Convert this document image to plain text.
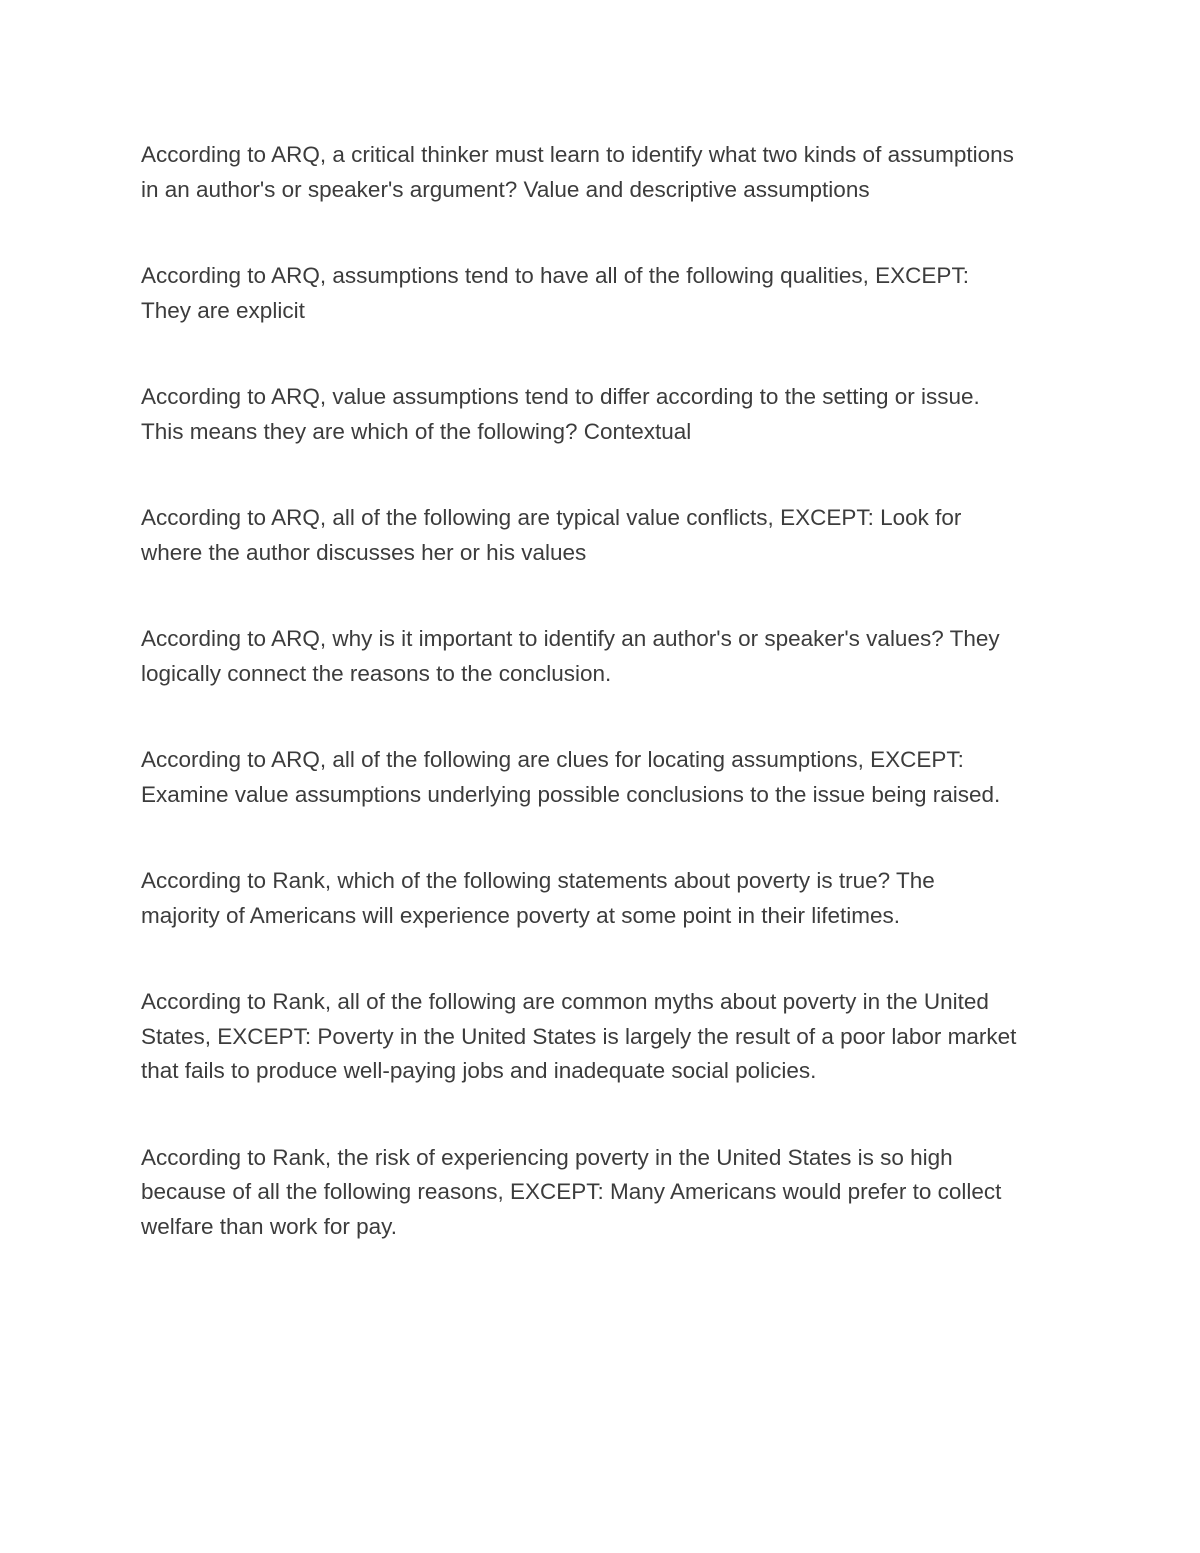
According to ARQ, a critical thinker must learn to identify what two kinds of assumptions
in an author's or speaker's argument? Value and descriptive assumptions
According to ARQ, assumptions tend to have all of the following qualities, EXCEPT:
They are explicit
According to ARQ, value assumptions tend to differ according to the setting or issue.
This means they are which of the following? Contextual
According to ARQ, all of the following are typical value conflicts, EXCEPT: Look for
where the author discusses her or his values
According to ARQ, why is it important to identify an author's or speaker's values? They
logically connect the reasons to the conclusion.
According to ARQ, all of the following are clues for locating assumptions, EXCEPT:
Examine value assumptions underlying possible conclusions to the issue being raised.
According to Rank, which of the following statements about poverty is true? The
majority of Americans will experience poverty at some point in their lifetimes.
According to Rank, all of the following are common myths about poverty in the United
States, EXCEPT: Poverty in the United States is largely the result of a poor labor market
that fails to produce well-paying jobs and inadequate social policies.
According to Rank, the risk of experiencing poverty in the United States is so high
because of all the following reasons, EXCEPT: Many Americans would prefer to collect
welfare than work for pay.
